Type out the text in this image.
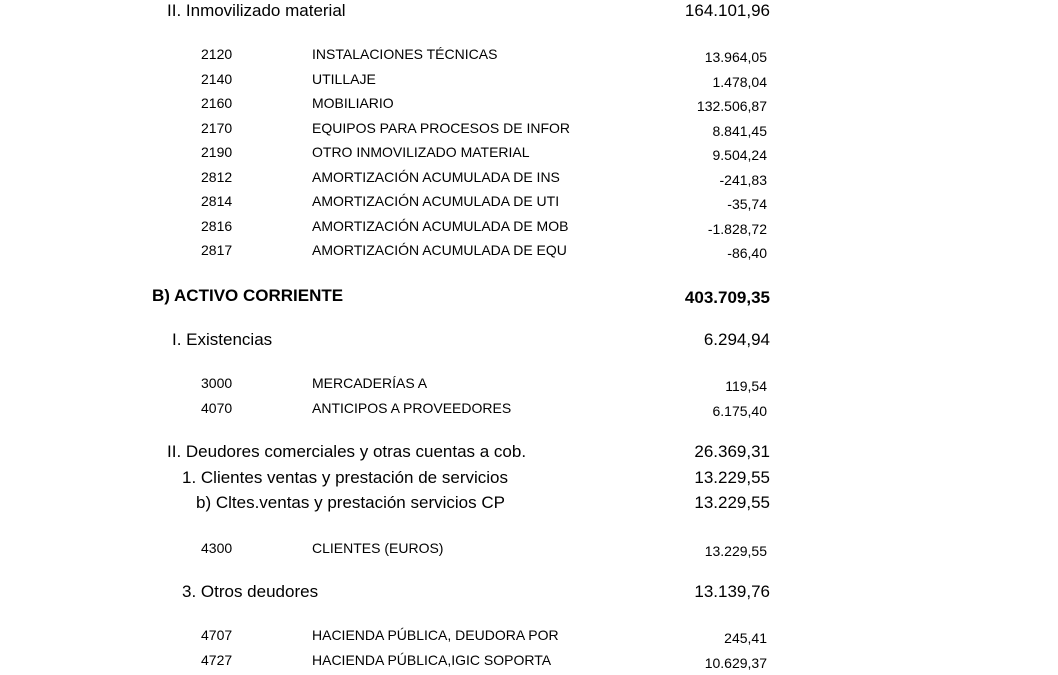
II. Inmovilizado material	164.101,96
2120	INSTALACIONES TÉCNICAS	13.964,05
2140	UTILLAJE	1.478,04
2160	MOBILIARIO	132.506,87
2170	EQUIPOS PARA PROCESOS DE INFOR	8.841,45
2190	OTRO INMOVILIZADO MATERIAL	9.504,24
2812	AMORTIZACIÓN ACUMULADA DE INS	-241,83
2814	AMORTIZACIÓN ACUMULADA DE UTI	-35,74
2816	AMORTIZACIÓN ACUMULADA DE MOB	-1.828,72
2817	AMORTIZACIÓN ACUMULADA DE EQU	-86,40
B) ACTIVO CORRIENTE	403.709,35
I. Existencias	6.294,94
3000	MERCADERÍAS A	119,54
4070	ANTICIPOS A PROVEEDORES	6.175,40
II. Deudores comerciales y otras cuentas a cob.	26.369,31
1. Clientes ventas y prestación de servicios	13.229,55
b) Cltes.ventas y prestación servicios CP	13.229,55
4300	CLIENTES (EUROS)	13.229,55
3. Otros deudores	13.139,76
4707	HACIENDA PÚBLICA, DEUDORA POR	245,41
4727	HACIENDA PÚBLICA,IGIC SOPORTA	10.629,37
